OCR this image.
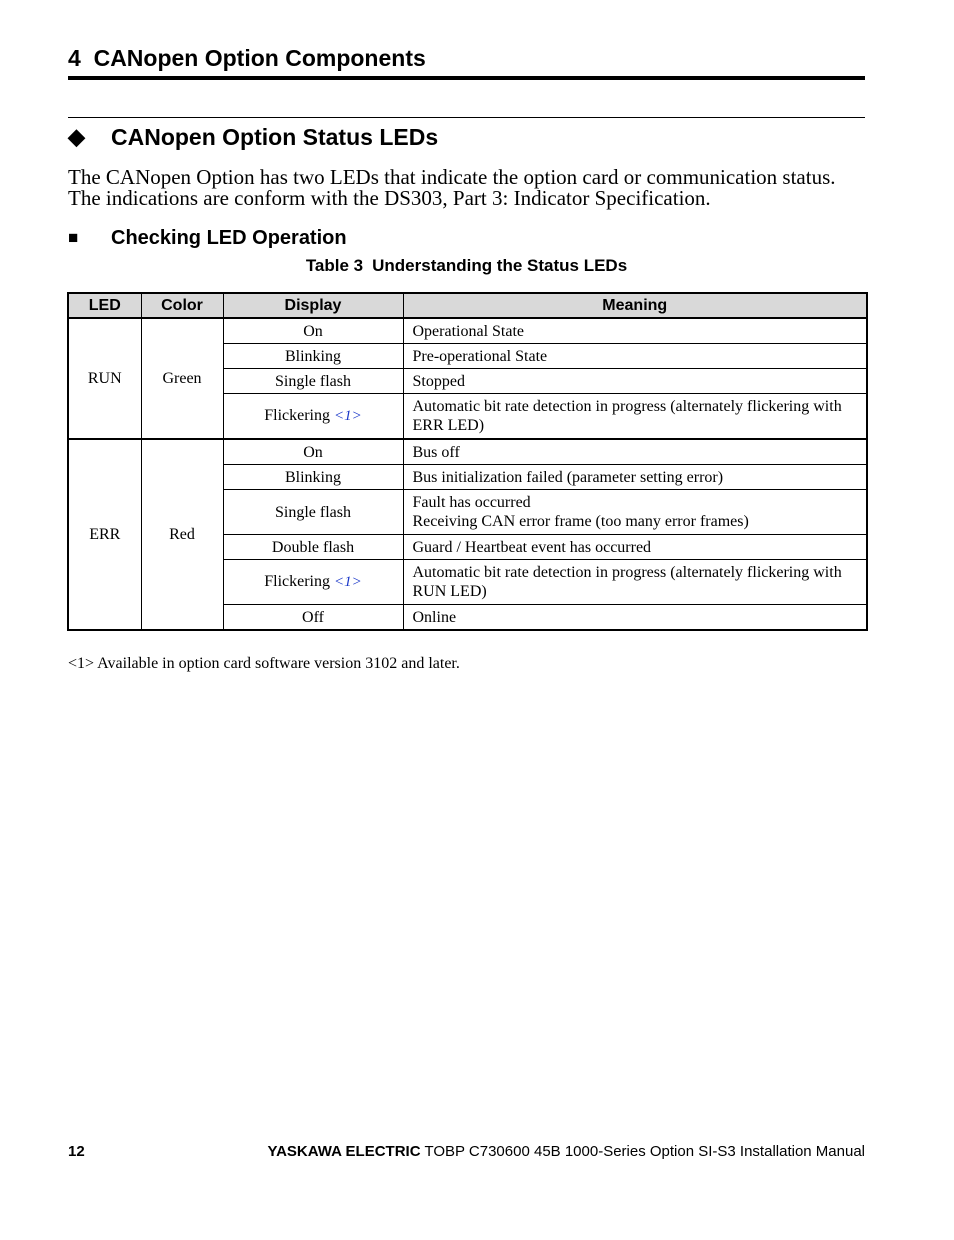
4 CANopen Option Components
◆ CANopen Option Status LEDs

The CANopen Option has two LEDs that indicate the option card or communication status.

The indications are conform with the DS303, Part 3: Indicator Specification.

■ Checking LED Operation
Table 3 Understanding the Status LEDs
LED	Color	Display	Meaning
RUN	Green	On	Operational State
		Blinking	Pre-operational State
		Single flash	Stopped
		Flickering <1>	Automatic bit rate detection in progress (alternately flickering with
ERR LED)
ERR	Red	On	Bus off
		Blinking	Bus initialization failed (parameter setting error)
		Single flash	Fault has occurred
Receiving CAN error frame (too many error frames)
		Double flash	Guard / Heartbeat event has occurred
		Flickering <1>	Automatic bit rate detection in progress (alternately flickering with
RUN LED)
		Off	Online
<1> Available in option card software version 3102 and later.
12	YASKAWA ELECTRIC TOBP C730600 45B 1000-Series Option SI-S3 Installation Manual
